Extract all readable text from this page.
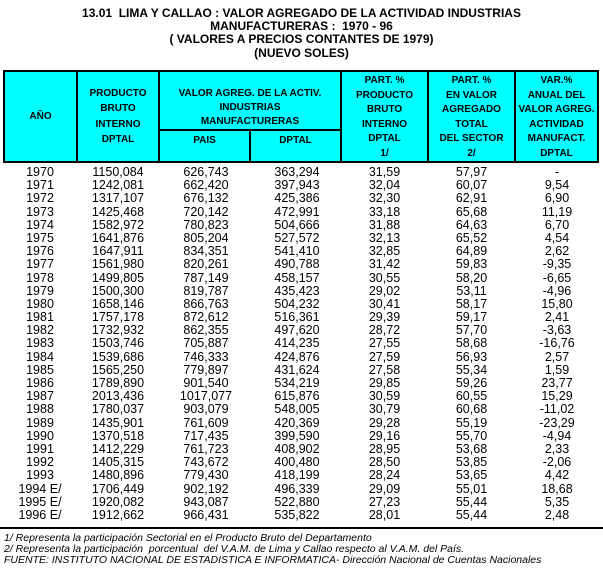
13.01  LIMA Y CALLAO : VALOR AGREGADO DE LA ACTIVIDAD INDUSTRIAS
MANUFACTURERAS :  1970 - 96
( VALORES A PRECIOS CONTANTES DE 1979)
(NUEVO SOLES)
AÑO
PRODUCTO
BRUTO
INTERNO
DPTAL
VALOR AGREG. DE LA ACTIV.
INDUSTRIAS
MANUFACTURERAS
PAIS	DPTAL
PART. %
PRODUCTO
BRUTO
INTERNO
DPTAL
1/
PART. %
EN VALOR
AGREGADO
TOTAL
DEL SECTOR
2/
VAR.%
ANUAL DEL
VALOR AGREG.
ACTIVIDAD
MANUFACT.
DPTAL
1970	1150,084	626,743	363,294	31,59	57,97	-
1971	1242,081	662,420	397,943	32,04	60,07	9,54
1972	1317,107	676,132	425,386	32,30	62,91	6,90
1973	1425,468	720,142	472,991	33,18	65,68	11,19
1974	1582,972	780,823	504,666	31,88	64,63	6,70
1975	1641,876	805,204	527,572	32,13	65,52	4,54
1976	1647,911	834,351	541,410	32,85	64,89	2,62
1977	1561,980	820,261	490,788	31,42	59,83	-9,35
1978	1499,805	787,149	458,157	30,55	58,20	-6,65
1979	1500,300	819,787	435,423	29,02	53,11	-4,96
1980	1658,146	866,763	504,232	30,41	58,17	15,80
1981	1757,178	872,612	516,361	29,39	59,17	2,41
1982	1732,932	862,355	497,620	28,72	57,70	-3,63
1983	1503,746	705,887	414,235	27,55	58,68	-16,76
1984	1539,686	746,333	424,876	27,59	56,93	2,57
1985	1565,250	779,897	431,624	27,58	55,34	1,59
1986	1789,890	901,540	534,219	29,85	59,26	23,77
1987	2013,436	1017,077	615,876	30,59	60,55	15,29
1988	1780,037	903,079	548,005	30,79	60,68	-11,02
1989	1435,901	761,609	420,369	29,28	55,19	-23,29
1990	1370,518	717,435	399,590	29,16	55,70	-4,94
1991	1412,229	761,723	408,902	28,95	53,68	2,33
1992	1405,315	743,672	400,480	28,50	53,85	-2,06
1993	1480,896	779,430	418,199	28,24	53,65	4,42
1994 E/	1706,449	902,192	496,339	29,09	55,01	18,68
1995 E/	1920,082	943,087	522,880	27,23	55,44	5,35
1996 E/	1912,662	966,431	535,822	28,01	55,44	2,48
1/ Representa la participación Sectorial en el Producto Bruto del Departamento
2/ Representa la participación  porcentual  del V.A.M. de Lima y Callao respecto al V.A.M. del País.
FUENTE: INSTITUTO NACIONAL DE ESTADISTICA E INFORMATICA- Dirección Nacional de Cuentas Nacionales
